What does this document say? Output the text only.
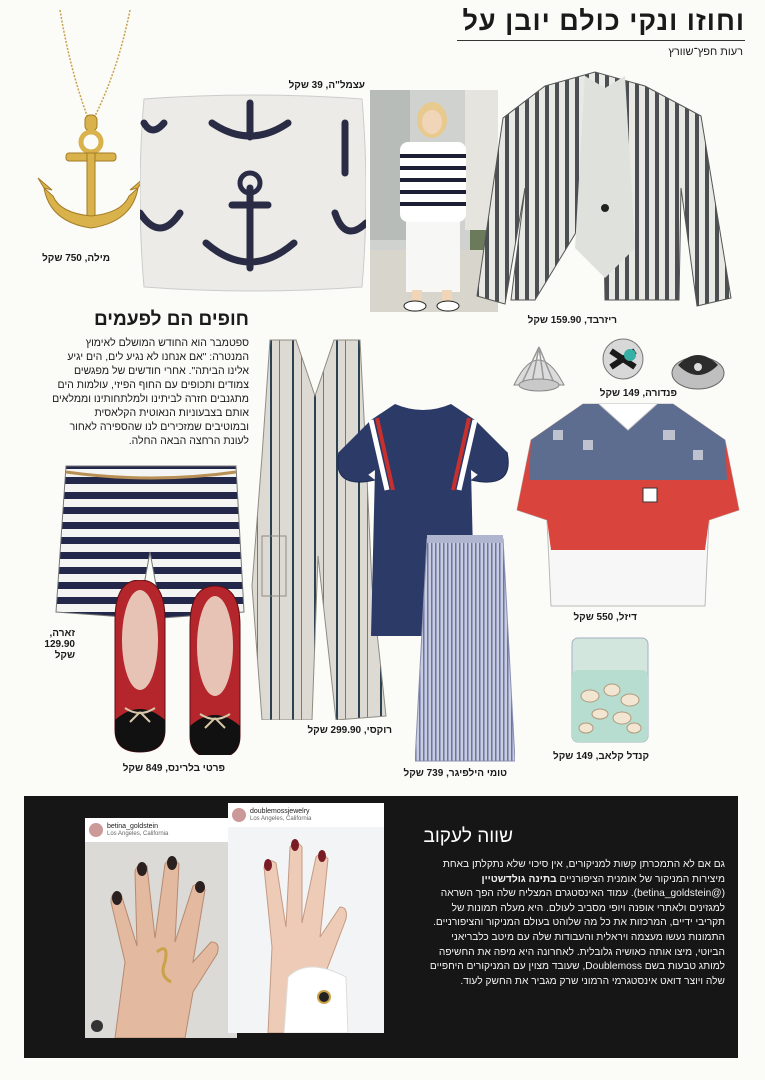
וחוזו ונקי כולם יובן על
רעות חפץ־שוורץ
מילה, 750 שקל
עצמל"ה, 39 שקל
ריזרבד, 159.90 שקל
פנדורה, 149 שקל
חופים הם לפעמים
ספטמבר הוא החודש המושלם לאימוץ המנטרה: "אם אנחנו לא נגיע לים, הים יגיע אלינו הביתה". אחרי חודשים של מפגשים צמודים ותכופים עם החוף הפיזי, עולמות הים מתגנבים חזרה לביתינו ולמלתחותינו וממלאים אותם בצבעוניות הנאוטית הקלאסית ובמוטיבים שמזכירים לנו שהספירה לאחור לעונת הרחצה הבאה החלה.
זארה,
129.90
שקל
פרטי בלרינס, 849 שקל
רוקסי, 299.90 שקל
טומי הילפיגר, 739 שקל
דיזל, 550 שקל
קנדל קלאב, 149 שקל
betina_goldstein
Los Angeles, California
doublemossjewelry
Los Angeles, California
שווה לעקוב
גם אם לא התמכרתן קשות למניקורים, אין סיכוי שלא נתקלתן באחת מיצירות המניקור של אומנית הציפורניים בתינה גולדשטיין (@betina_goldstein). עמוד האינסטגרם המצליח שלה הפך השראה למגזינים ולאתרי אופנה ויופי מסביב לעולם. היא מעלה תמונות של תקריבי ידיים, המרכזות את כל מה שלוהט בעולם המניקור והציפורניים. התמונות נעשו מעצמה ויראלית והעבודות שלה עם מיטב כלבריאני הביוטי, מיצו אותה כאושיה גלובלית. לאחרונה היא מיפה את החשיפה למותג טבעות בשם Doublemoss, שעובד מצוין עם המניקורים היחפיים שלה ויוצר דואט אינסטגרמי הרמוני שרק מגביר את החשק לעוד.
